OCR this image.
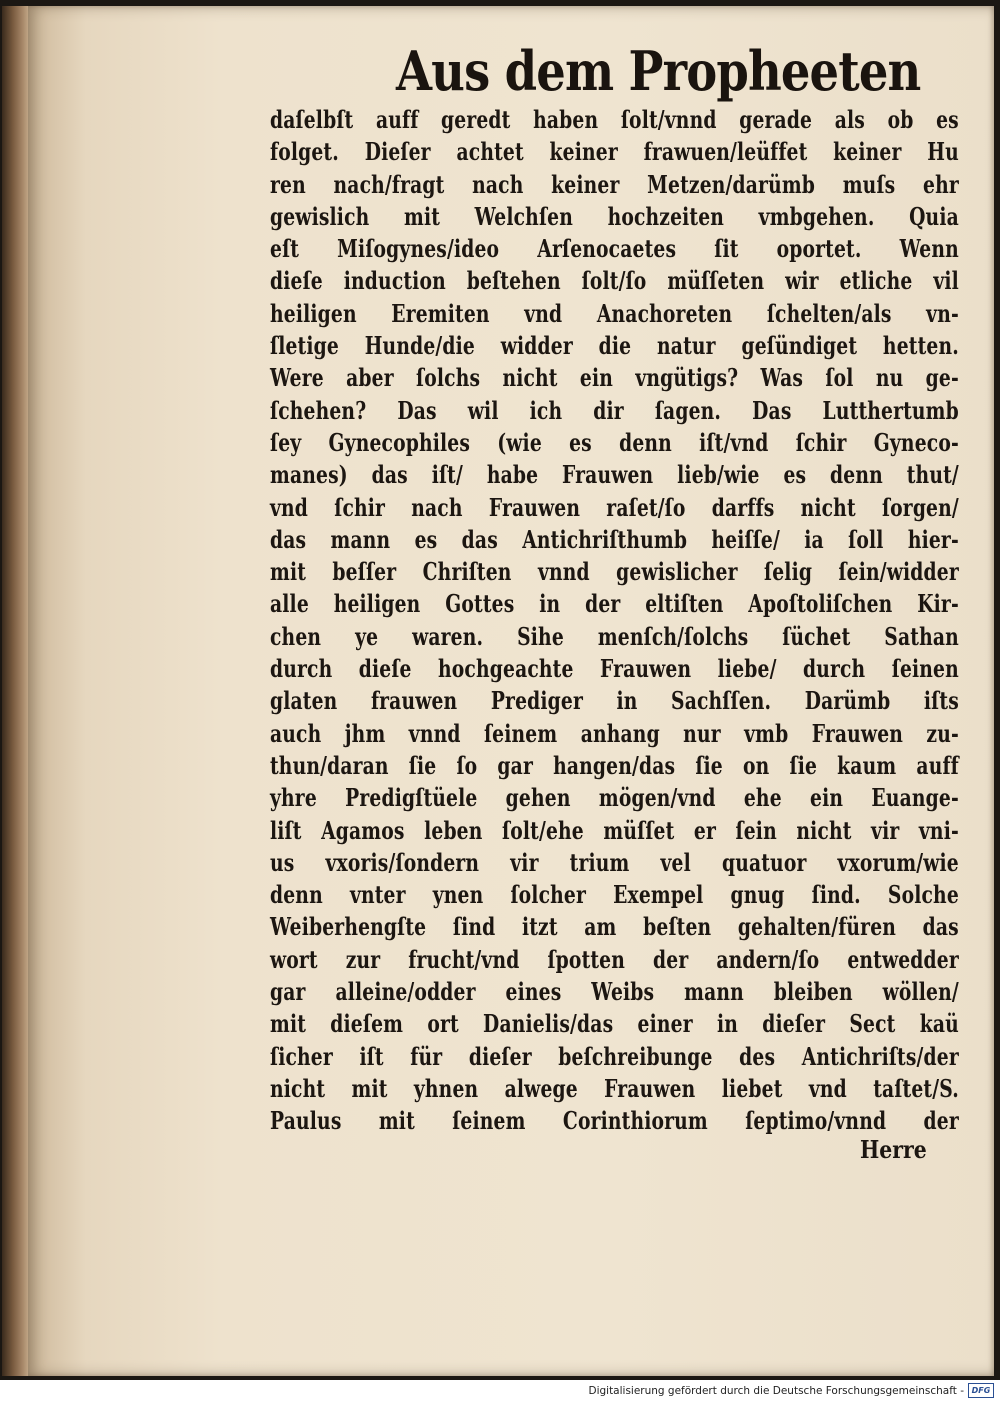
Aus dem Propheeten
daſelbſt auff geredt haben ſolt/vnnd gerade als ob es
folget. Dieſer achtet keiner frawuen/leüffet keiner Hu
ren nach/fragt nach keiner Metzen/darümb muſs ehr
gewislich mit Welchſen hochzeiten vmbgehen. Quia
eſt Miſogynes/ideo Arſenocaetes ſit oportet. Wenn
dieſe induction beſtehen ſolt/ſo müſſeten wir etliche vil
heiligen Eremiten vnd Anachoreten ſchelten/als vn-
ſletige Hunde/die widder die natur geſündiget hetten.
Were aber ſolchs nicht ein vngütigs? Was ſol nu ge-
ſchehen? Das wil ich dir ſagen. Das Lutthertumb
ſey Gynecophiles (wie es denn iſt/vnd ſchir Gyneco-
manes) das iſt/ habe Frauwen lieb/wie es denn thut/
vnd ſchir nach Frauwen raſet/ſo darffs nicht ſorgen/
das mann es das Antichriſthumb heiſſe/ ia ſoll hier-
mit beſſer Chriſten vnnd gewislicher ſelig ſein/widder
alle heiligen Gottes in der eltiſten Apoſtoliſchen Kir-
chen ye waren. Sihe menſch/ſolchs ſüchet Sathan
durch dieſe hochgeachte Frauwen liebe/ durch ſeinen
glaten frauwen Prediger in Sachſſen. Darümb iſts
auch jhm vnnd ſeinem anhang nur vmb Frauwen zu-
thun/daran ſie ſo gar hangen/das ſie on ſie kaum auff
yhre Predigſtüele gehen mögen/vnd ehe ein Euange-
liſt Agamos leben ſolt/ehe müſſet er ſein nicht vir vni-
us vxoris/ſondern vir trium vel quatuor vxorum/wie
denn vnter ynen ſolcher Exempel gnug ſind. Solche
Weiberhengſte ſind itzt am beſten gehalten/füren das
wort zur frucht/vnd ſpotten der andern/ſo entwedder
gar alleine/odder eines Weibs mann bleiben wöllen/
mit dieſem ort Danielis/das einer in dieſer Sect kaü
ſicher iſt für dieſer beſchreibunge des Antichriſts/der
nicht mit yhnen alwege Frauwen liebet vnd taſtet/S.
Paulus mit ſeinem Corinthiorum ſeptimo/vnnd der

Herre

Digitalisierung gefördert durch die Deutsche Forschungsgemeinschaft - DFG
